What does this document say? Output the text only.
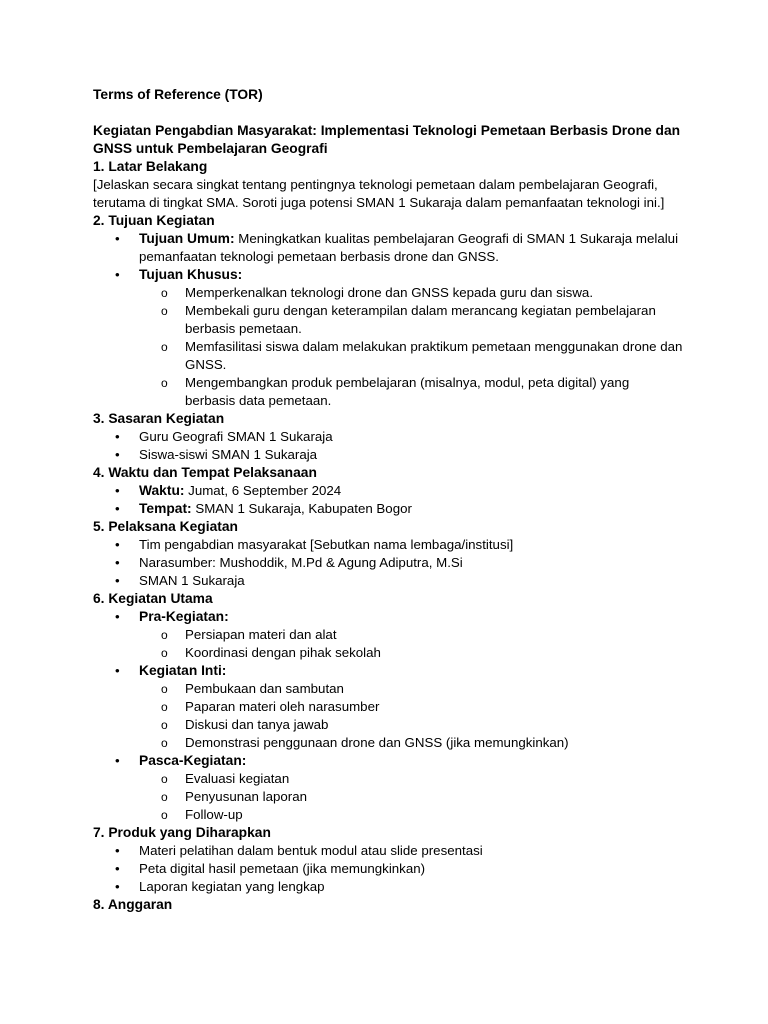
Terms of Reference (TOR)

Kegiatan Pengabdian Masyarakat: Implementasi Teknologi Pemetaan Berbasis Drone dan GNSS untuk Pembelajaran Geografi

1. Latar Belakang

[Jelaskan secara singkat tentang pentingnya teknologi pemetaan dalam pembelajaran Geografi, terutama di tingkat SMA. Soroti juga potensi SMAN 1 Sukaraja dalam pemanfaatan teknologi ini.]

2. Tujuan Kegiatan

• Tujuan Umum: Meningkatkan kualitas pembelajaran Geografi di SMAN 1 Sukaraja melalui pemanfaatan teknologi pemetaan berbasis drone dan GNSS.
• Tujuan Khusus:
o Memperkenalkan teknologi drone dan GNSS kepada guru dan siswa.
o Membekali guru dengan keterampilan dalam merancang kegiatan pembelajaran berbasis pemetaan.
o Memfasilitasi siswa dalam melakukan praktikum pemetaan menggunakan drone dan GNSS.
o Mengembangkan produk pembelajaran (misalnya, modul, peta digital) yang berbasis data pemetaan.

3. Sasaran Kegiatan

• Guru Geografi SMAN 1 Sukaraja
• Siswa-siswi SMAN 1 Sukaraja

4. Waktu dan Tempat Pelaksanaan

• Waktu: Jumat, 6 September 2024
• Tempat: SMAN 1 Sukaraja, Kabupaten Bogor

5. Pelaksana Kegiatan

• Tim pengabdian masyarakat [Sebutkan nama lembaga/institusi]
• Narasumber: Mushoddik, M.Pd & Agung Adiputra, M.Si
• SMAN 1 Sukaraja

6. Kegiatan Utama

• Pra-Kegiatan:
o Persiapan materi dan alat
o Koordinasi dengan pihak sekolah
• Kegiatan Inti:
o Pembukaan dan sambutan
o Paparan materi oleh narasumber
o Diskusi dan tanya jawab
o Demonstrasi penggunaan drone dan GNSS (jika memungkinkan)
• Pasca-Kegiatan:
o Evaluasi kegiatan
o Penyusunan laporan
o Follow-up

7. Produk yang Diharapkan

• Materi pelatihan dalam bentuk modul atau slide presentasi
• Peta digital hasil pemetaan (jika memungkinkan)
• Laporan kegiatan yang lengkap

8. Anggaran
